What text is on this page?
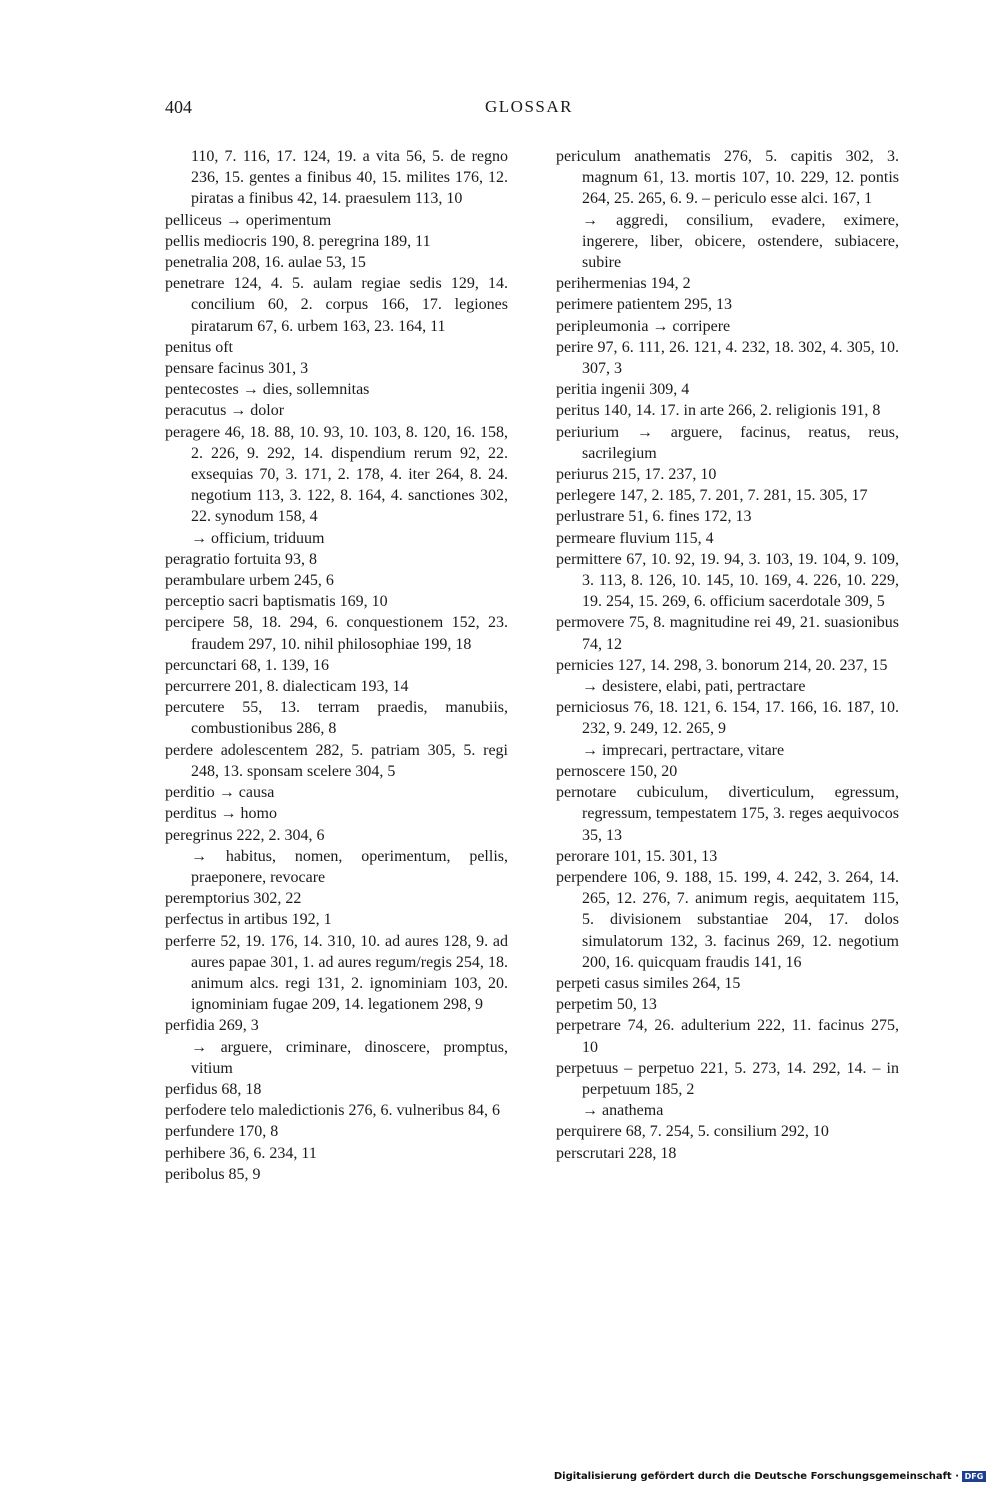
404	GLOSSAR

110, 7. 116, 17. 124, 19. a vita 56, 5. de regno 236, 15. gentes a finibus 40, 15. milites 176, 12. piratas a finibus 42, 14. praesulem 113, 10

pelliceus → operimentum

pellis mediocris 190, 8. peregrina 189, 11

penetralia 208, 16. aulae 53, 15

penetrare 124, 4. 5. aulam regiae sedis 129, 14. concilium 60, 2. corpus 166, 17. legiones piratarum 67, 6. urbem 163, 23. 164, 11

penitus oft

pensare facinus 301, 3

pentecostes → dies, sollemnitas

peracutus → dolor

peragere 46, 18. 88, 10. 93, 10. 103, 8. 120, 16. 158, 2. 226, 9. 292, 14. dispendium rerum 92, 22. exsequias 70, 3. 171, 2. 178, 4. iter 264, 8. 24. negotium 113, 3. 122, 8. 164, 4. sanctiones 302, 22. synodum 158, 4

→ officium, triduum

peragratio fortuita 93, 8

perambulare urbem 245, 6

perceptio sacri baptismatis 169, 10

percipere 58, 18. 294, 6. conquestionem 152, 23. fraudem 297, 10. nihil philosophiae 199, 18

percunctari 68, 1. 139, 16

percurrere 201, 8. dialecticam 193, 14

percutere 55, 13. terram praedis, manubiis, combustionibus 286, 8

perdere adolescentem 282, 5. patriam 305, 5. regi 248, 13. sponsam scelere 304, 5

perditio → causa

perditus → homo

peregrinus 222, 2. 304, 6

→ habitus, nomen, operimentum, pellis, praeponere, revocare

peremptorius 302, 22

perfectus in artibus 192, 1

perferre 52, 19. 176, 14. 310, 10. ad aures 128, 9. ad aures papae 301, 1. ad aures regum/regis 254, 18. animum alcs. regi 131, 2. ignominiam 103, 20. ignominiam fugae 209, 14. legationem 298, 9

perfidia 269, 3

→ arguere, criminare, dinoscere, promptus, vitium

perfidus 68, 18

perfodere telo maledictionis 276, 6. vulneribus 84, 6

perfundere 170, 8

perhibere 36, 6. 234, 11

peribolus 85, 9

periculum anathematis 276, 5. capitis 302, 3. magnum 61, 13. mortis 107, 10. 229, 12. pontis 264, 25. 265, 6. 9. – periculo esse alci. 167, 1

→ aggredi, consilium, evadere, eximere, ingerere, liber, obicere, ostendere, subiacere, subire

perihermenias 194, 2

perimere patientem 295, 13

peripleumonia → corripere

perire 97, 6. 111, 26. 121, 4. 232, 18. 302, 4. 305, 10. 307, 3

peritia ingenii 309, 4

peritus 140, 14. 17. in arte 266, 2. religionis 191, 8

periurium → arguere, facinus, reatus, reus, sacrilegium

periurus 215, 17. 237, 10

perlegere 147, 2. 185, 7. 201, 7. 281, 15. 305, 17

perlustrare 51, 6. fines 172, 13

permeare fluvium 115, 4

permittere 67, 10. 92, 19. 94, 3. 103, 19. 104, 9. 109, 3. 113, 8. 126, 10. 145, 10. 169, 4. 226, 10. 229, 19. 254, 15. 269, 6. officium sacerdotale 309, 5

permovere 75, 8. magnitudine rei 49, 21. suasionibus 74, 12

pernicies 127, 14. 298, 3. bonorum 214, 20. 237, 15

→ desistere, elabi, pati, pertractare

perniciosus 76, 18. 121, 6. 154, 17. 166, 16. 187, 10. 232, 9. 249, 12. 265, 9

→ imprecari, pertractare, vitare

pernoscere 150, 20

pernotare cubiculum, diverticulum, egressum, regressum, tempestatem 175, 3. reges aequivocos 35, 13

perorare 101, 15. 301, 13

perpendere 106, 9. 188, 15. 199, 4. 242, 3. 264, 14. 265, 12. 276, 7. animum regis, aequitatem 115, 5. divisionem substantiae 204, 17. dolos simulatorum 132, 3. facinus 269, 12. negotium 200, 16. quicquam fraudis 141, 16

perpeti casus similes 264, 15

perpetim 50, 13

perpetrare 74, 26. adulterium 222, 11. facinus 275, 10

perpetuus – perpetuo 221, 5. 273, 14. 292, 14. – in perpetuum 185, 2

→ anathema

perquirere 68, 7. 254, 5. consilium 292, 10

perscrutari 228, 18

Digitalisierung gefördert durch die Deutsche Forschungsgemeinschaft · DFG
